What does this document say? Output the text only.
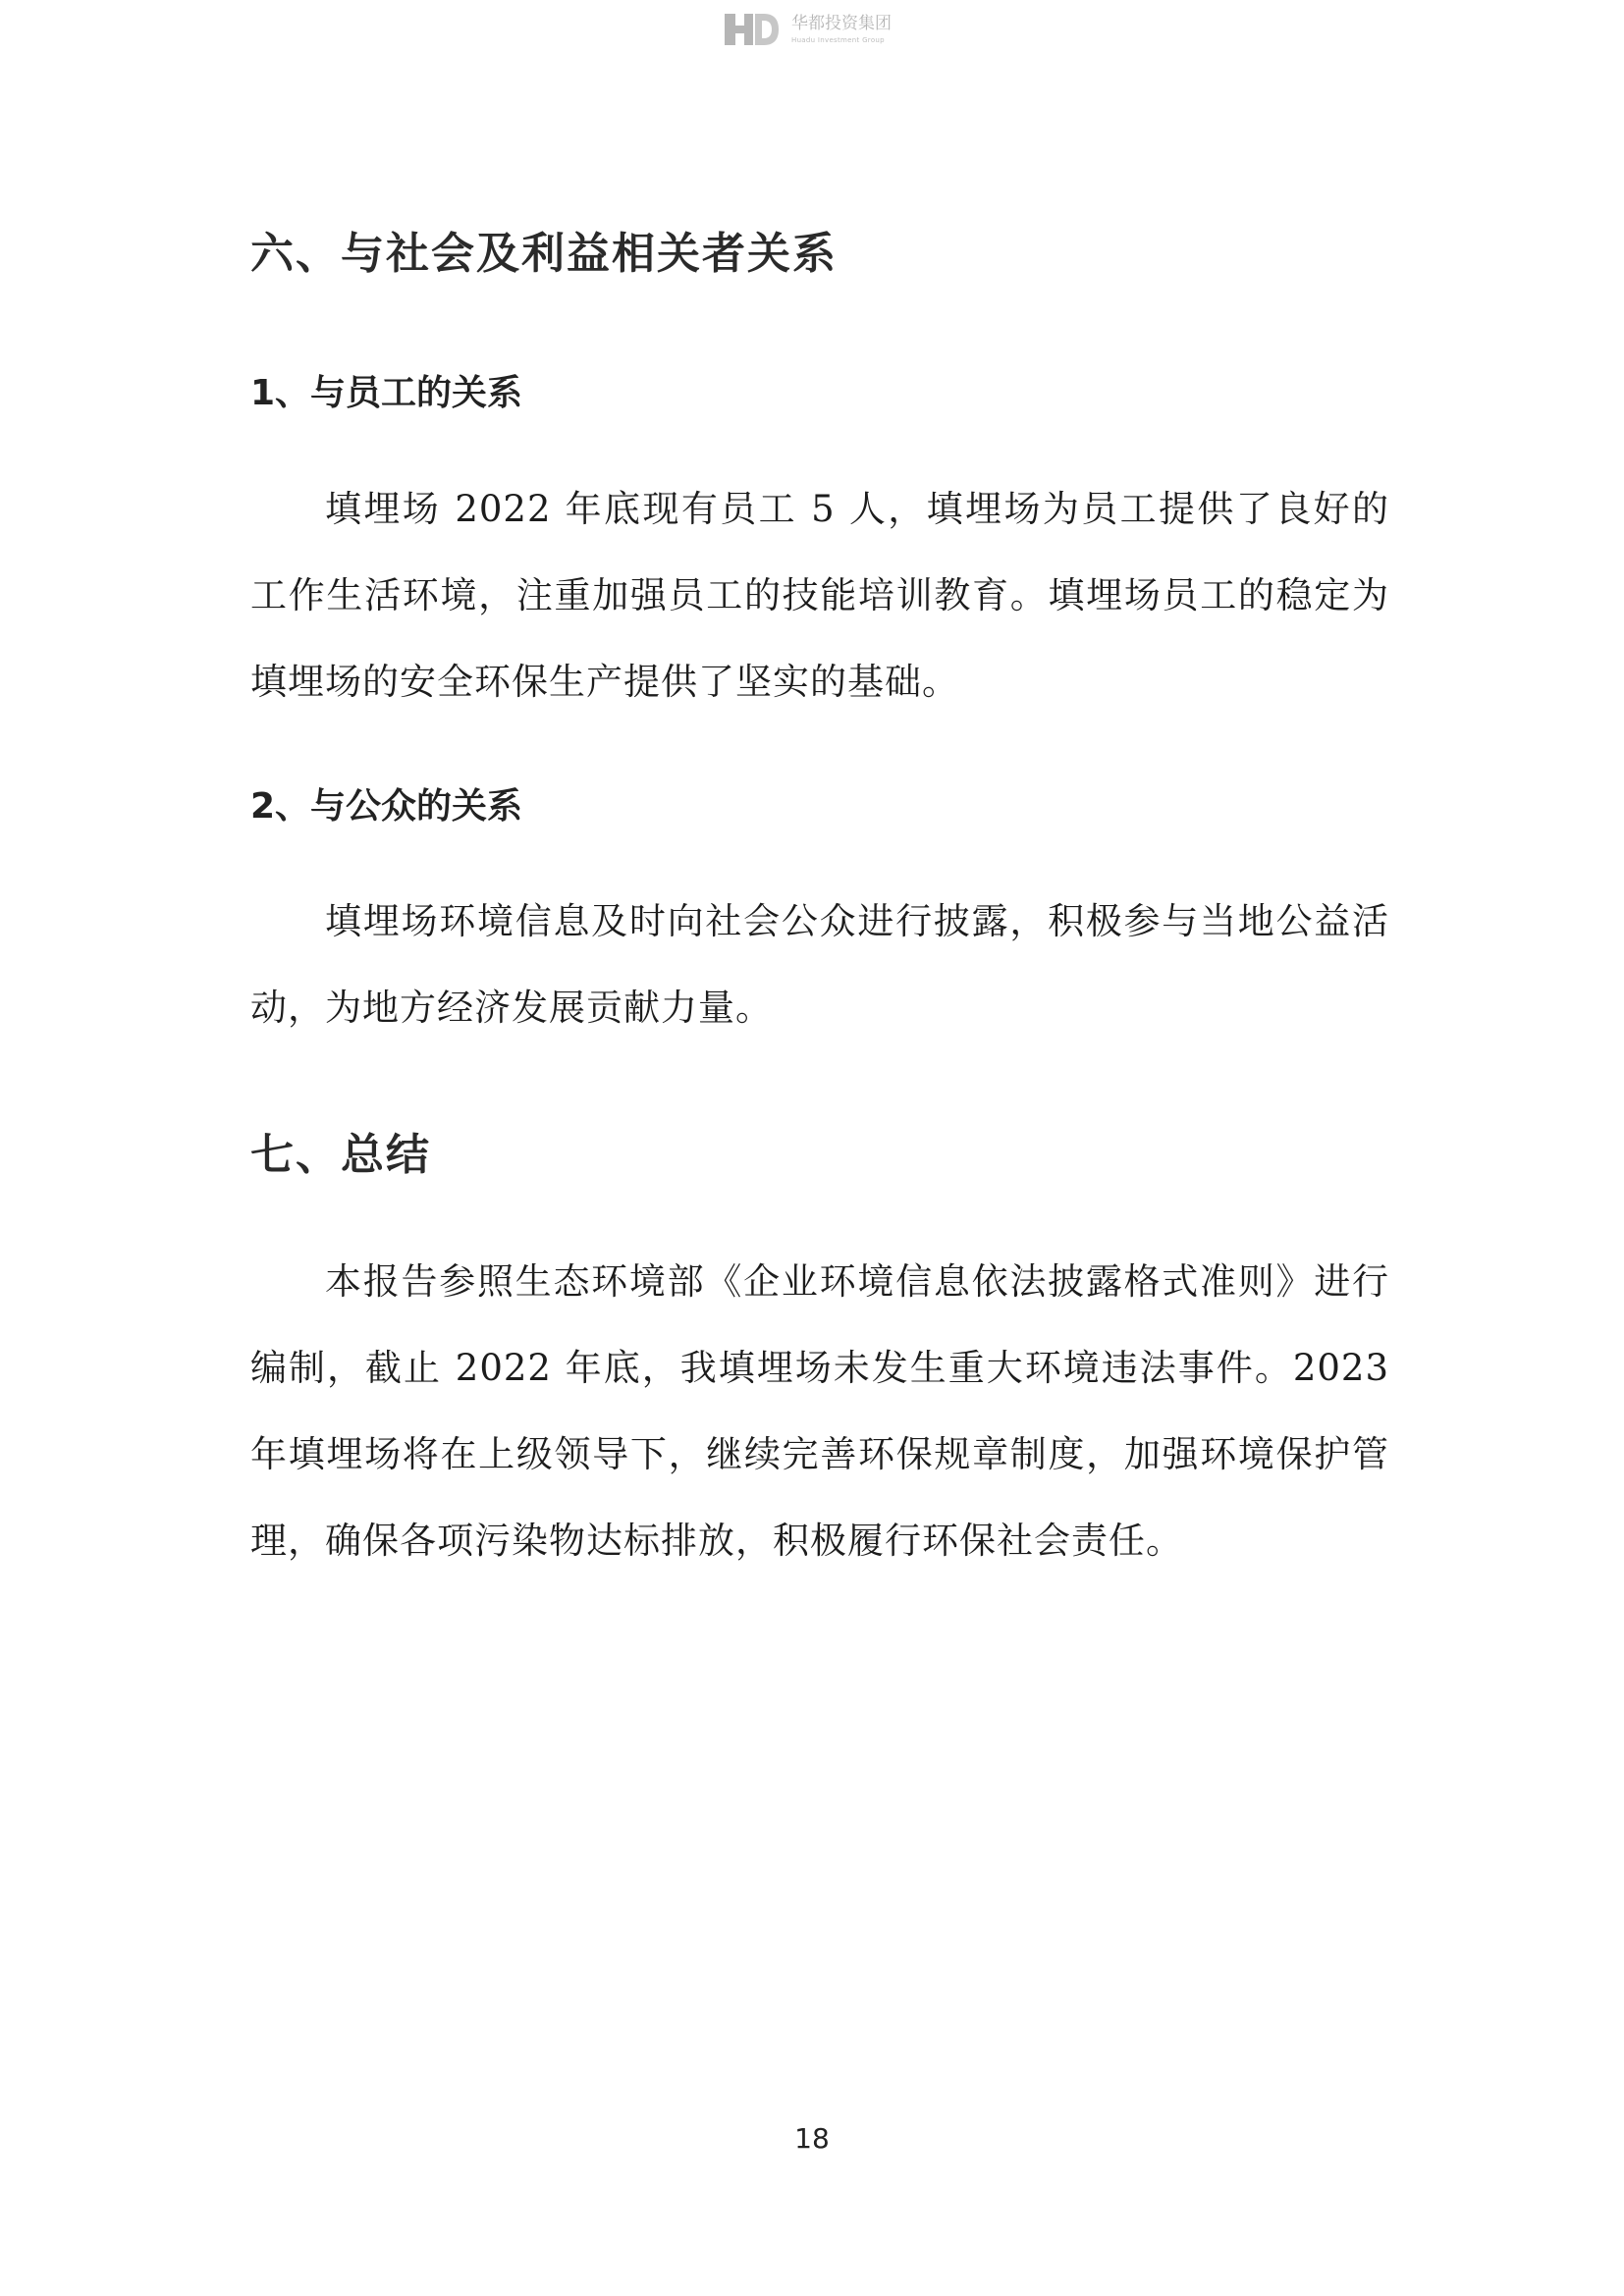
华都投资集团
Huadu Investment Group
六、与社会及利益相关者关系
1、与员工的关系

填埋场 2022 年底现有员工 5 人，填埋场为员工提供了良好的工作生活环境，注重加强员工的技能培训教育。填埋场员工的稳定为填埋场的安全环保生产提供了坚实的基础。

2、与公众的关系

填埋场环境信息及时向社会公众进行披露，积极参与当地公益活动，为地方经济发展贡献力量。

七、总结

本报告参照生态环境部《企业环境信息依法披露格式准则》进行编制，截止 2022 年底，我填埋场未发生重大环境违法事件。2023 年填埋场将在上级领导下，继续完善环保规章制度，加强环境保护管理，确保各项污染物达标排放，积极履行环保社会责任。

18
